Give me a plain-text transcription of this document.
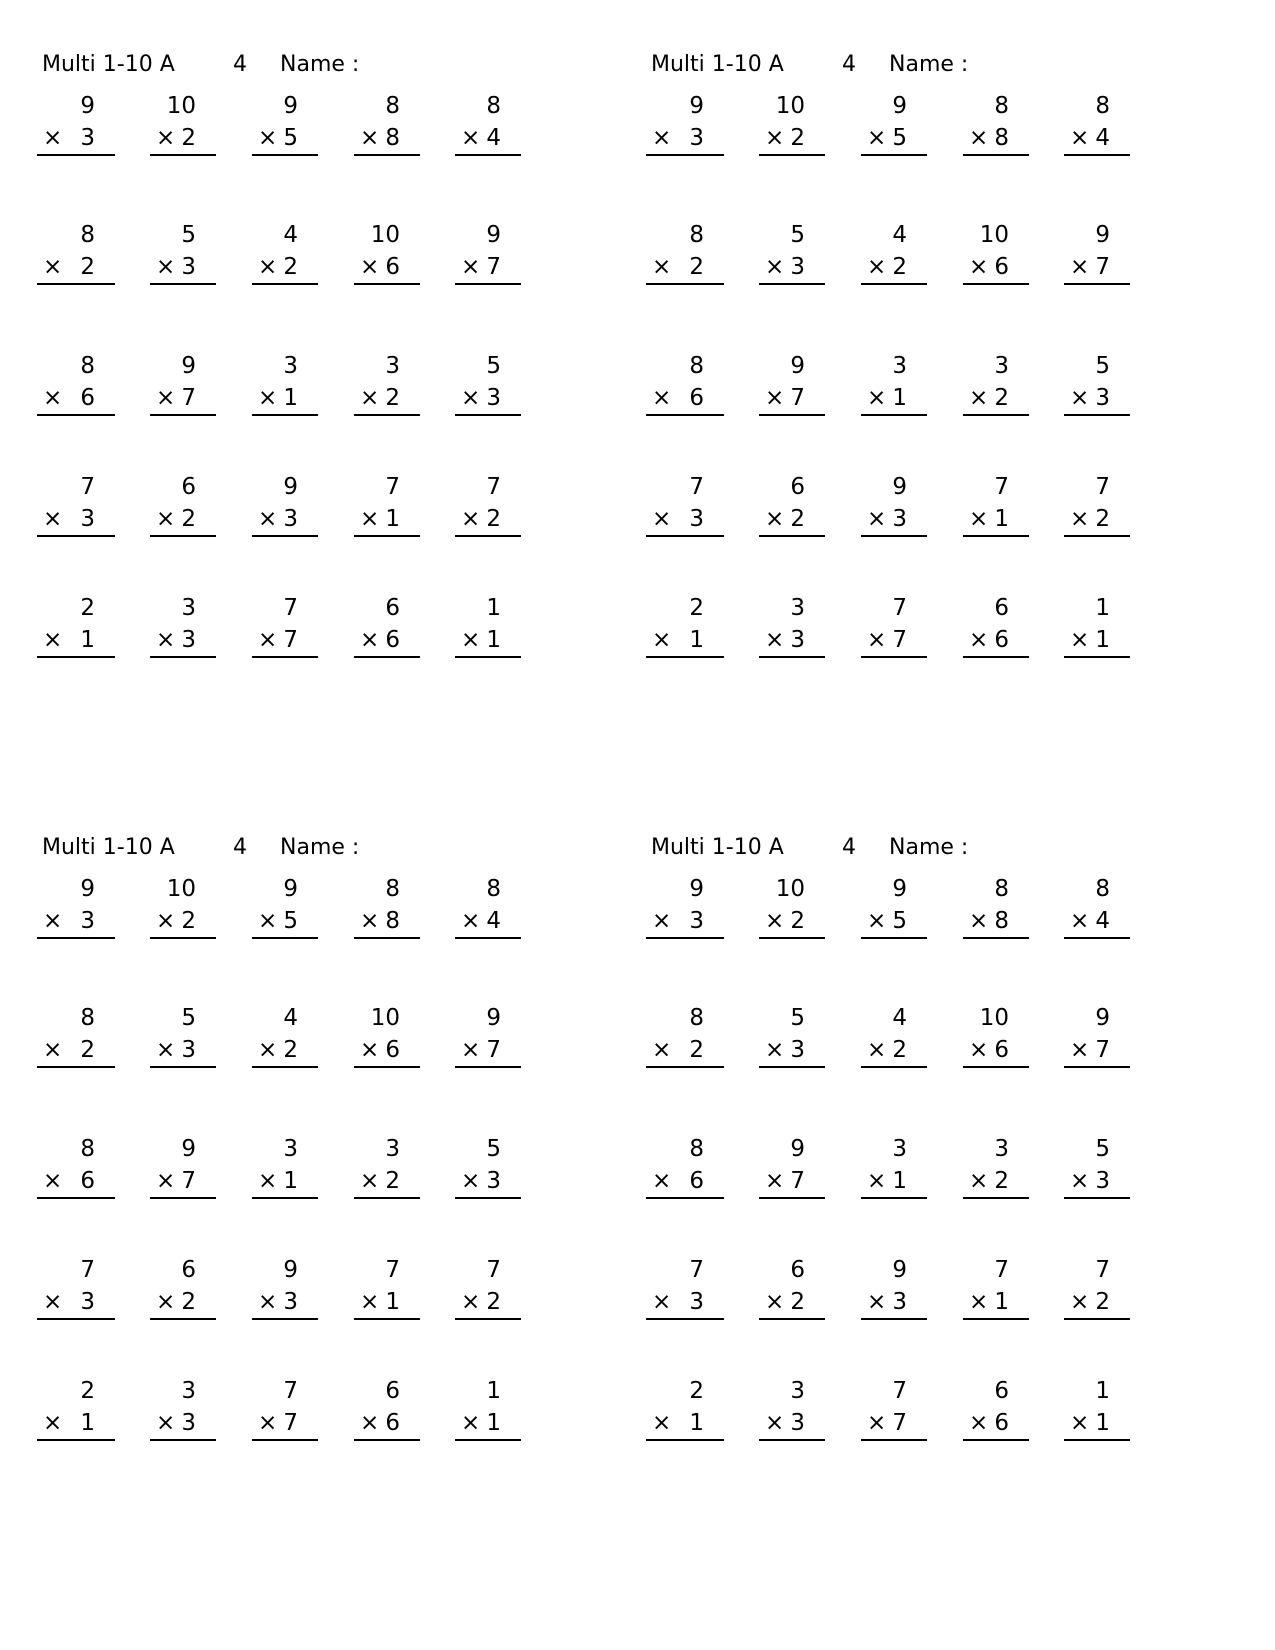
Multi 1-10 A	4 Name :
9
× 3
10
× 2
9
× 5
8
× 8
8
× 4
8
× 2
5
× 3
4
× 2
10
× 6
9
× 7
8
× 6
9
× 7
3
× 1
3
× 2
5
× 3
7
× 3
6
× 2
9
× 3
7
× 1
7
× 2
2
× 1
3
× 3
7
× 7
6
× 6
1
× 1
Multi 1-10 A	4 Name :
9
× 3
10
× 2
9
× 5
8
× 8
8
× 4
8
× 2
5
× 3
4
× 2
10
× 6
9
× 7
8
× 6
9
× 7
3
× 1
3
× 2
5
× 3
7
× 3
6
× 2
9
× 3
7
× 1
7
× 2
2
× 1
3
× 3
7
× 7
6
× 6
1
× 1
Multi 1-10 A	4 Name :
9
× 3
10
× 2
9
× 5
8
× 8
8
× 4
8
× 2
5
× 3
4
× 2
10
× 6
9
× 7
8
× 6
9
× 7
3
× 1
3
× 2
5
× 3
7
× 3
6
× 2
9
× 3
7
× 1
7
× 2
2
× 1
3
× 3
7
× 7
6
× 6
1
× 1
Multi 1-10 A	4 Name :
9
× 3
10
× 2
9
× 5
8
× 8
8
× 4
8
× 2
5
× 3
4
× 2
10
× 6
9
× 7
8
× 6
9
× 7
3
× 1
3
× 2
5
× 3
7
× 3
6
× 2
9
× 3
7
× 1
7
× 2
2
× 1
3
× 3
7
× 7
6
× 6
1
× 1
